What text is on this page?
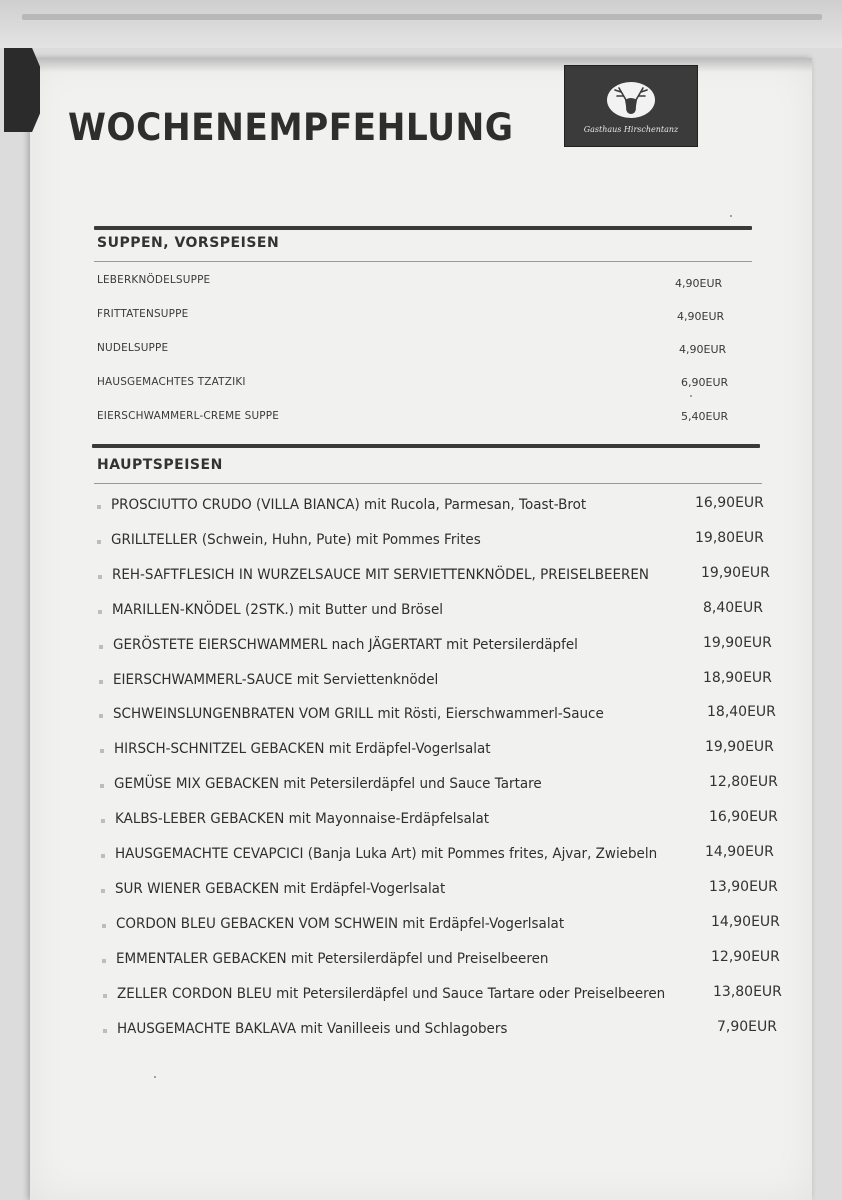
Gasthaus Hirschentanz
WOCHENEMPFEHLUNG
SUPPEN, VORSPEISEN
LEBERKNÖDELSUPPE	4,90EUR
FRITTATENSUPPE	4,90EUR
NUDELSUPPE	4,90EUR
HAUSGEMACHTES TZATZIKI	6,90EUR
EIERSCHWAMMERL-CREME SUPPE	5,40EUR
HAUPTSPEISEN
PROSCIUTTO CRUDO (VILLA BIANCA) mit Rucola, Parmesan, Toast-Brot	16,90EUR
GRILLTELLER (Schwein, Huhn, Pute) mit Pommes Frites	19,80EUR
REH-SAFTFLESICH IN WURZELSAUCE MIT SERVIETTENKNÖDEL, PREISELBEEREN	19,90EUR
MARILLEN-KNÖDEL (2STK.) mit Butter und Brösel	8,40EUR
GERÖSTETE EIERSCHWAMMERL nach JÄGERTART mit Petersilerdäpfel	19,90EUR
EIERSCHWAMMERL-SAUCE mit Serviettenknödel	18,90EUR
SCHWEINSLUNGENBRATEN VOM GRILL mit Rösti, Eierschwammerl-Sauce	18,40EUR
HIRSCH-SCHNITZEL GEBACKEN mit Erdäpfel-Vogerlsalat	19,90EUR
GEMÜSE MIX GEBACKEN mit Petersilerdäpfel und Sauce Tartare	12,80EUR
KALBS-LEBER GEBACKEN mit Mayonnaise-Erdäpfelsalat	16,90EUR
HAUSGEMACHTE CEVAPCICI (Banja Luka Art) mit Pommes frites, Ajvar, Zwiebeln	14,90EUR
SUR WIENER GEBACKEN mit Erdäpfel-Vogerlsalat	13,90EUR
CORDON BLEU GEBACKEN VOM SCHWEIN mit Erdäpfel-Vogerlsalat	14,90EUR
EMMENTALER GEBACKEN mit Petersilerdäpfel und Preiselbeeren	12,90EUR
ZELLER CORDON BLEU mit Petersilerdäpfel und Sauce Tartare oder Preiselbeeren	13,80EUR
HAUSGEMACHTE BAKLAVA mit Vanilleeis und Schlagobers	7,90EUR
